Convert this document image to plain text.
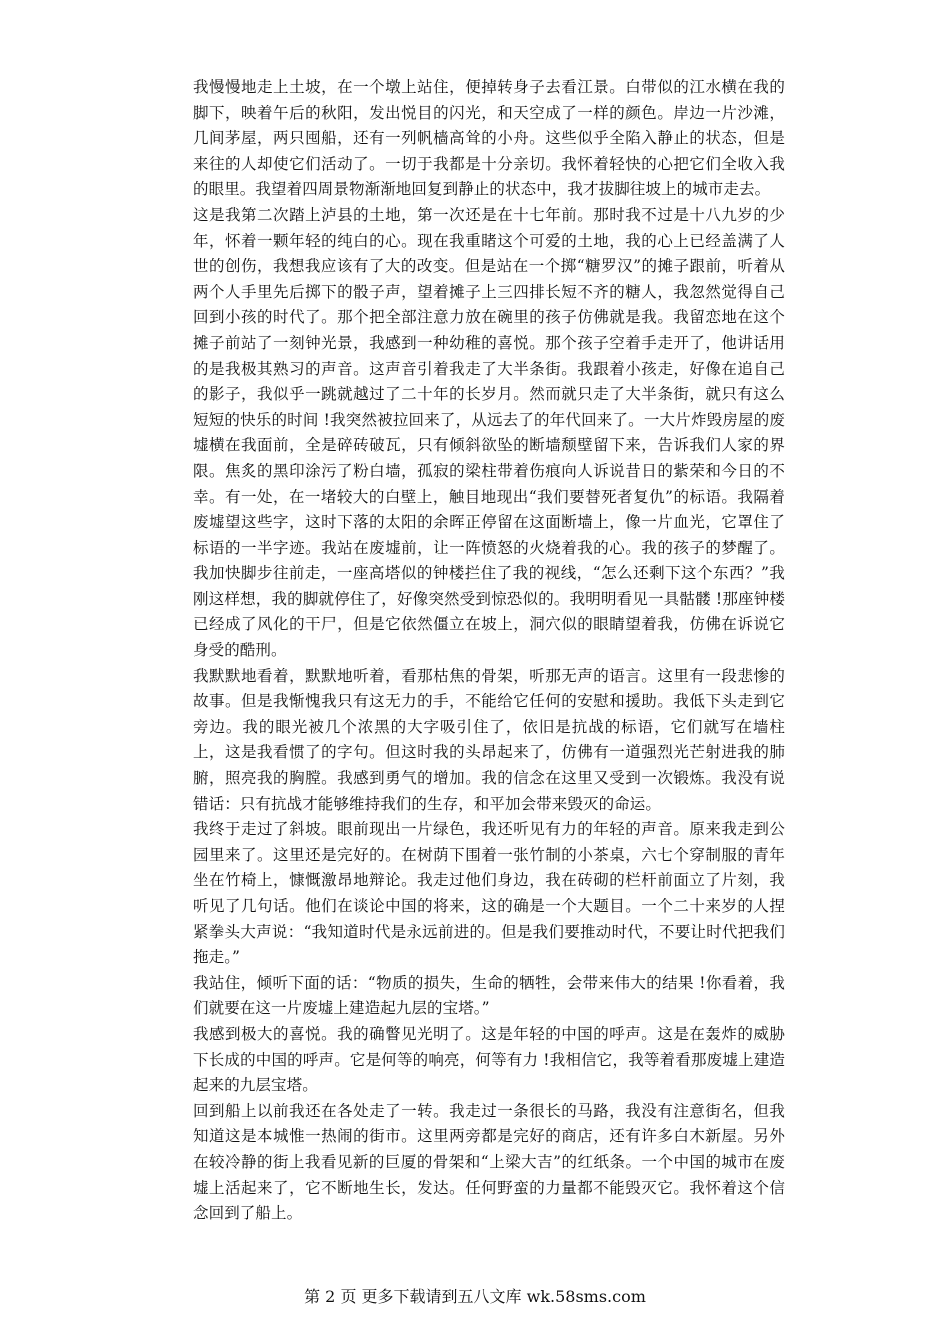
我慢慢地走上土坡，在一个墩上站住，便掉转身子去看江景。白带似的江水横在我的脚下，映着午后的秋阳，发出悦目的闪光，和天空成了一样的颜色。岸边一片沙滩，几间茅屋，两只囤船，还有一列帆樯高耸的小舟。这些似乎全陷入静止的状态，但是来往的人却使它们活动了。一切于我都是十分亲切。我怀着轻快的心把它们全收入我的眼里。我望着四周景物渐渐地回复到静止的状态中，我才拔脚往坡上的城市走去。

这是我第二次踏上泸县的土地，第一次还是在十七年前。那时我不过是十八九岁的少年，怀着一颗年轻的纯白的心。现在我重睹这个可爱的土地，我的心上已经盖满了人世的创伤，我想我应该有了大的改变。但是站在一个掷“糖罗汉”的摊子跟前，听着从两个人手里先后掷下的骰子声，望着摊子上三四排长短不齐的糖人，我忽然觉得自己回到小孩的时代了。那个把全部注意力放在碗里的孩子仿佛就是我。我留恋地在这个摊子前站了一刻钟光景，我感到一种幼稚的喜悦。那个孩子空着手走开了，他讲话用的是我极其熟习的声音。这声音引着我走了大半条街。我跟着小孩走，好像在追自己的影子，我似乎一跳就越过了二十年的长岁月。然而就只走了大半条街，就只有这么短短的快乐的时间 !我突然被拉回来了，从远去了的年代回来了。一大片炸毁房屋的废墟横在我面前，全是碎砖破瓦，只有倾斜欲坠的断墙颓壁留下来，告诉我们人家的界限。焦炙的黑印涂污了粉白墙，孤寂的梁柱带着伤痕向人诉说昔日的紫荣和今日的不幸。有一处，在一堵较大的白壁上，触目地现出“我们要替死者复仇”的标语。我隔着废墟望这些字，这时下落的太阳的余晖正停留在这面断墙上，像一片血光，它罩住了标语的一半字迹。我站在废墟前，让一阵愤怒的火烧着我的心。我的孩子的梦醒了。我加快脚步往前走，一座高塔似的钟楼拦住了我的视线，“怎么还剩下这个东西？”我刚这样想，我的脚就停住了，好像突然受到惊恐似的。我明明看见一具骷髅 !那座钟楼已经成了风化的干尸，但是它依然僵立在坡上，洞穴似的眼睛望着我，仿佛在诉说它身受的酷刑。

我默默地看着，默默地听着，看那枯焦的骨架，听那无声的语言。这里有一段悲惨的故事。但是我惭愧我只有这无力的手，不能给它任何的安慰和援助。我低下头走到它旁边。我的眼光被几个浓黑的大字吸引住了，依旧是抗战的标语，它们就写在墙柱上，这是我看惯了的字句。但这时我的头昂起来了，仿佛有一道强烈光芒射进我的肺腑，照亮我的胸膛。我感到勇气的增加。我的信念在这里又受到一次锻炼。我没有说错话：只有抗战才能够维持我们的生存，和平加会带来毁灭的命运。

我终于走过了斜坡。眼前现出一片绿色，我还听见有力的年轻的声音。原来我走到公园里来了。这里还是完好的。在树荫下围着一张竹制的小茶桌，六七个穿制服的青年坐在竹椅上，慷慨激昂地辩论。我走过他们身边，我在砖砌的栏杆前面立了片刻，我听见了几句话。他们在谈论中国的将来，这的确是一个大题目。一个二十来岁的人捏紧拳头大声说：“我知道时代是永远前进的。但是我们要推动时代，不要让时代把我们拖走。”

我站住，倾听下面的话：“物质的损失，生命的牺牲，会带来伟大的结果 !你看着，我们就要在这一片废墟上建造起九层的宝塔。”

我感到极大的喜悦。我的确瞥见光明了。这是年轻的中国的呼声。这是在轰炸的威胁下长成的中国的呼声。它是何等的响亮，何等有力 !我相信它，我等着看那废墟上建造起来的九层宝塔。

回到船上以前我还在各处走了一转。我走过一条很长的马路，我没有注意街名，但我知道这是本城惟一热闹的街市。这里两旁都是完好的商店，还有许多白木新屋。另外在较冷静的街上我看见新的巨厦的骨架和“上梁大吉”的红纸条。一个中国的城市在废墟上活起来了，它不断地生长，发达。任何野蛮的力量都不能毁灭它。我怀着这个信念回到了船上。

第 2 页 更多下载请到五八文库 wk.58sms.com
